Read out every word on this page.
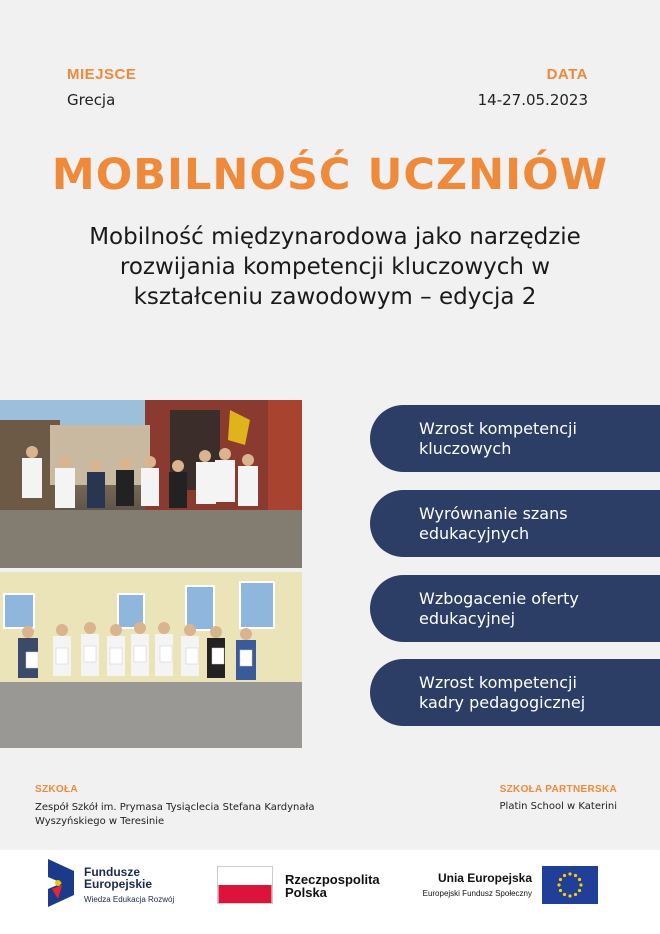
MIEJSCE
Grecja
DATA
14-27.05.2023
MOBILNOŚĆ UCZNIÓW
Mobilność międzynarodowa jako narzędzie rozwijania kompetencji kluczowych w kształceniu zawodowym – edycja 2
Wzrost kompetencji kluczowych
Wyrównanie szans edukacyjnych
Wzbogacenie oferty edukacyjnej
Wzrost kompetencji kadry pedagogicznej
SZKOŁA
Zespół Szkół im. Prymasa Tysiąclecia Stefana Kardynała Wyszyńskiego w Teresinie
SZKOŁA PARTNERSKA
Platin School w Katerini
Fundusze
Europejskie
Wiedza Edukacja Rozwój
Rzeczpospolita
Polska
Unia Europejska
Europejski Fundusz Społeczny
